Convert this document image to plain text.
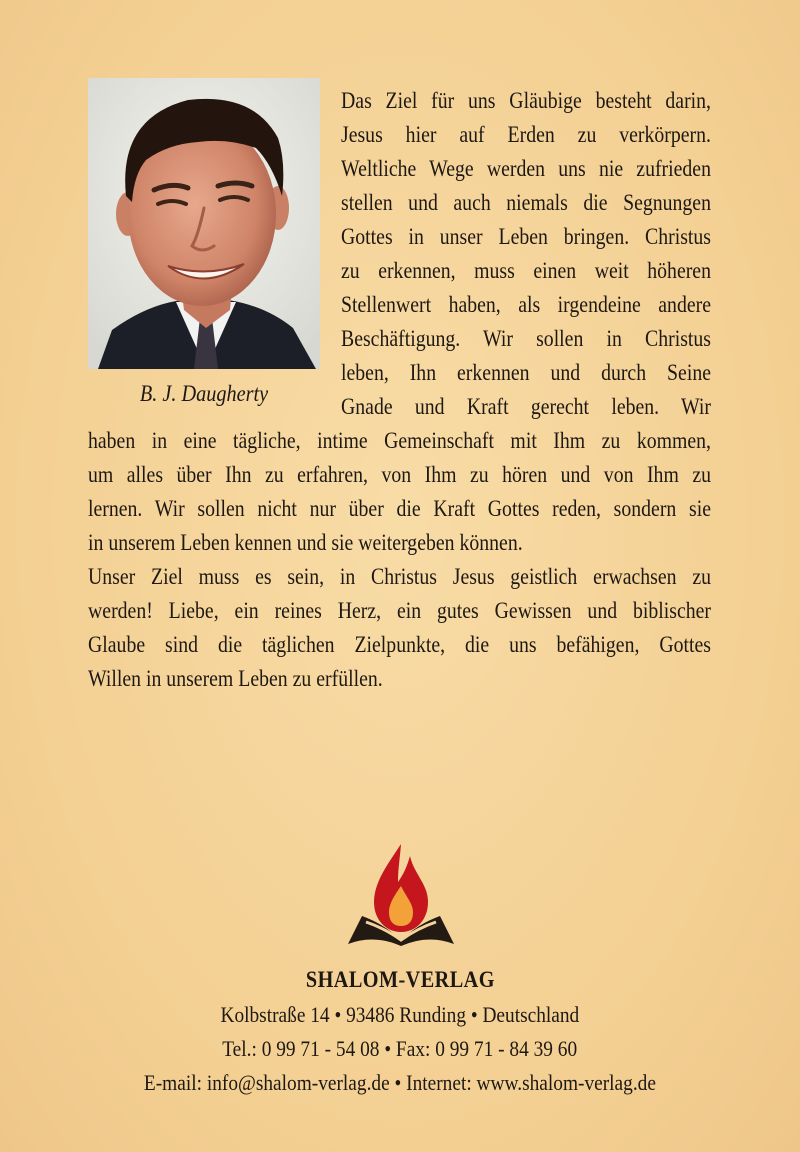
B. J. Daugherty
Das Ziel für uns Gläubige besteht darin,
Jesus hier auf Erden zu verkörpern.
Weltliche Wege werden uns nie zufrieden
stellen und auch niemals die Segnungen
Gottes in unser Leben bringen. Christus
zu erkennen, muss einen weit höheren
Stellenwert haben, als irgendeine andere
Beschäftigung. Wir sollen in Christus
leben, Ihn erkennen und durch Seine
Gnade und Kraft gerecht leben. Wir
haben in eine tägliche, intime Gemeinschaft mit Ihm zu kommen,
um alles über Ihn zu erfahren, von Ihm zu hören und von Ihm zu
lernen. Wir sollen nicht nur über die Kraft Gottes reden, sondern sie
in unserem Leben kennen und sie weitergeben können.
Unser Ziel muss es sein, in Christus Jesus geistlich erwachsen zu
werden! Liebe, ein reines Herz, ein gutes Gewissen und biblischer
Glaube sind die täglichen Zielpunkte, die uns befähigen, Gottes
Willen in unserem Leben zu erfüllen.
SHALOM-VERLAG
Kolbstraße 14 • 93486 Runding • Deutschland
Tel.: 0 99 71 - 54 08 • Fax: 0 99 71 - 84 39 60
E-mail: info@shalom-verlag.de • Internet: www.shalom-verlag.de
